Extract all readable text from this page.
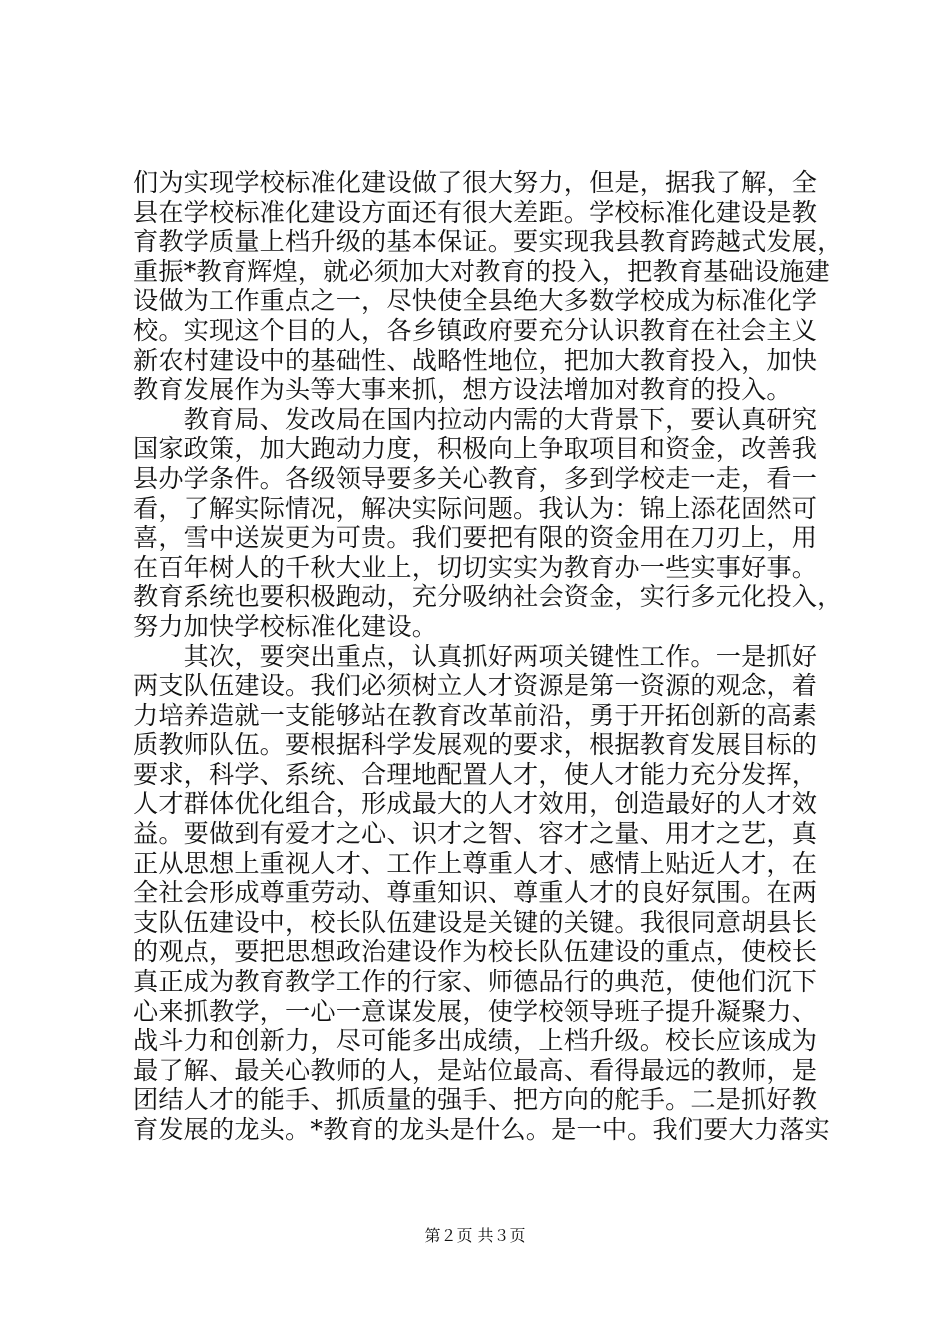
们为实现学校标准化建设做了很大努力，但是，据我了解，全
县在学校标准化建设方面还有很大差距。学校标准化建设是教
育教学质量上档升级的基本保证。要实现我县教育跨越式发展，
重振*教育辉煌，就必须加大对教育的投入，把教育基础设施建
设做为工作重点之一，尽快使全县绝大多数学校成为标准化学
校。实现这个目的人，各乡镇政府要充分认识教育在社会主义
新农村建设中的基础性、战略性地位，把加大教育投入，加快
教育发展作为头等大事来抓，想方设法增加对教育的投入。
　　教育局、发改局在国内拉动内需的大背景下，要认真研究
国家政策，加大跑动力度，积极向上争取项目和资金，改善我
县办学条件。各级领导要多关心教育，多到学校走一走，看一
看，了解实际情况，解决实际问题。我认为：锦上添花固然可
喜，雪中送炭更为可贵。我们要把有限的资金用在刀刃上，用
在百年树人的千秋大业上，切切实实为教育办一些实事好事。
教育系统也要积极跑动，充分吸纳社会资金，实行多元化投入，
努力加快学校标准化建设。
　　其次，要突出重点，认真抓好两项关键性工作。一是抓好
两支队伍建设。我们必须树立人才资源是第一资源的观念，着
力培养造就一支能够站在教育改革前沿，勇于开拓创新的高素
质教师队伍。要根据科学发展观的要求，根据教育发展目标的
要求，科学、系统、合理地配置人才，使人才能力充分发挥，
人才群体优化组合，形成最大的人才效用，创造最好的人才效
益。要做到有爱才之心、识才之智、容才之量、用才之艺，真
正从思想上重视人才、工作上尊重人才、感情上贴近人才，在
全社会形成尊重劳动、尊重知识、尊重人才的良好氛围。在两
支队伍建设中，校长队伍建设是关键的关键。我很同意胡县长
的观点，要把思想政治建设作为校长队伍建设的重点，使校长
真正成为教育教学工作的行家、师德品行的典范，使他们沉下
心来抓教学，一心一意谋发展，使学校领导班子提升凝聚力、
战斗力和创新力，尽可能多出成绩，上档升级。校长应该成为
最了解、最关心教师的人，是站位最高、看得最远的教师，是
团结人才的能手、抓质量的强手、把方向的舵手。二是抓好教
育发展的龙头。*教育的龙头是什么。是一中。我们要大力落实
第２页 共３页
